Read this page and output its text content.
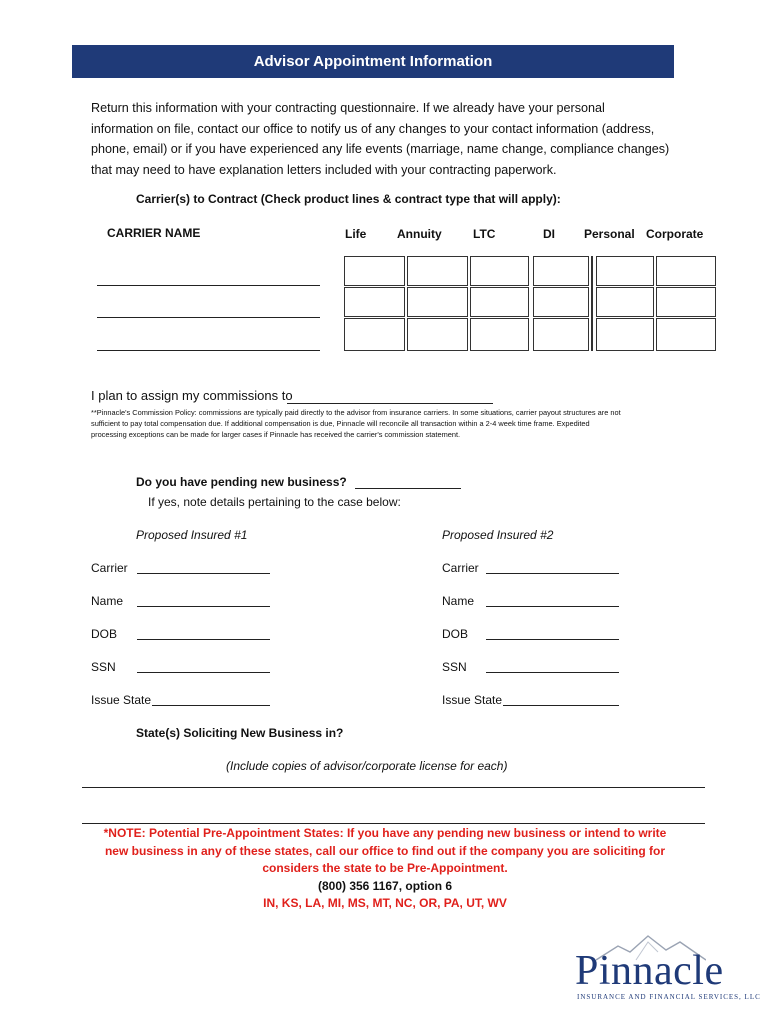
Advisor Appointment Information
Return this information with your contracting questionnaire. If we already have your personal
information on file, contact our office to notify us of any changes to your contact information (address,
phone, email) or if you have experienced any life events (marriage, name change, compliance changes)
that may need to have explanation letters included with your contracting paperwork.
Carrier(s) to Contract (Check product lines & contract type that will apply):
CARRIER NAME	Life	Annuity	LTC	DI Personal Corporate
I plan to assign my commissions to
**Pinnacle's Commission Policy: commissions are typically paid directly to the advisor from insurance carriers. In some situations, carrier payout structures are not
sufficient to pay total compensation due. If additional compensation is due, Pinnacle will reconcile all transaction within a 2-4 week time frame. Expedited
processing exceptions can be made for larger cases if Pinnacle has received the carrier's commission statement.
Do you have pending new business?
If yes, note details pertaining to the case below:
Proposed Insured #1	Proposed Insured #2
Carrier
Name
DOB
SSN
Issue State
Carrier
Name
DOB
SSN
Issue State
State(s) Soliciting New Business in?
(Include copies of advisor/corporate license for each)
*NOTE: Potential Pre-Appointment States: If you have any pending new business or intend to write
new business in any of these states, call our office to find out if the company you are soliciting for
considers the state to be Pre-Appointment.
(800) 356 1167, option 6
IN, KS, LA, MI, MS, MT, NC, OR, PA, UT, WV
Pinnacle
INSURANCE AND FINANCIAL SERVICES, LLC
